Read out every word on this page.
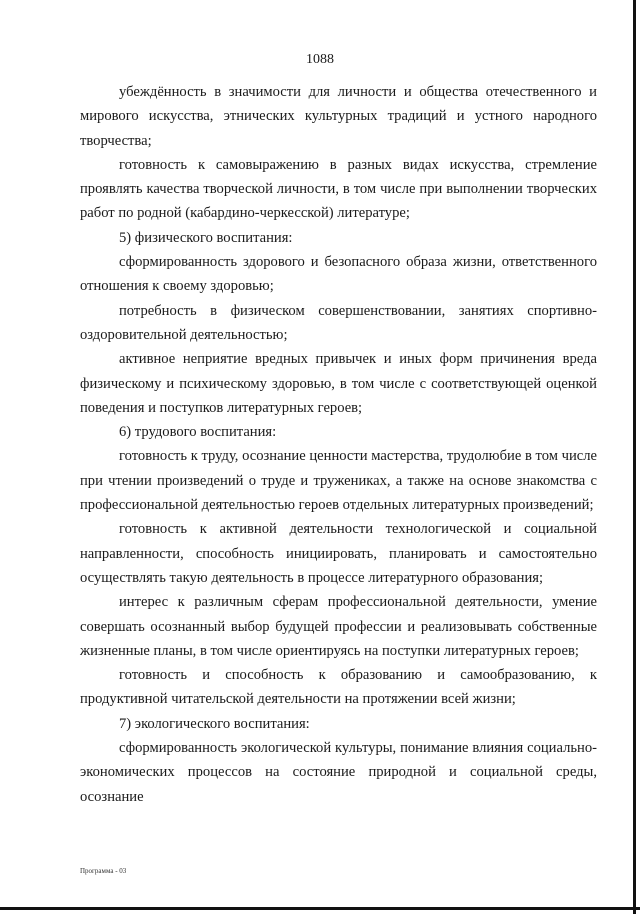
1088

убеждённость в значимости для личности и общества отечественного и мирового искусства, этнических культурных традиций и устного народного творчества;

готовность к самовыражению в разных видах искусства, стремление проявлять качества творческой личности, в том числе при выполнении творческих работ по родной (кабардино-черкесской) литературе;

5) физического воспитания:

сформированность здорового и безопасного образа жизни, ответственного отношения к своему здоровью;

потребность в физическом совершенствовании, занятиях спортивно-оздоровительной деятельностью;

активное неприятие вредных привычек и иных форм причинения вреда физическому и психическому здоровью, в том числе с соответствующей оценкой поведения и поступков литературных героев;

6) трудового воспитания:

готовность к труду, осознание ценности мастерства, трудолюбие в том числе при чтении произведений о труде и тружениках, а также на основе знакомства с профессиональной деятельностью героев отдельных литературных произведений;

готовность к активной деятельности технологической и социальной направленности, способность инициировать, планировать и самостоятельно осуществлять такую деятельность в процессе литературного образования;

интерес к различным сферам профессиональной деятельности, умение совершать осознанный выбор будущей профессии и реализовывать собственные жизненные планы, в том числе ориентируясь на поступки литературных героев;

готовность и способность к образованию и самообразованию, к продуктивной читательской деятельности на протяжении всей жизни;

7) экологического воспитания:

сформированность экологической культуры, понимание влияния социально-экономических процессов на состояние природной и социальной среды, осознание

Программа - 03
